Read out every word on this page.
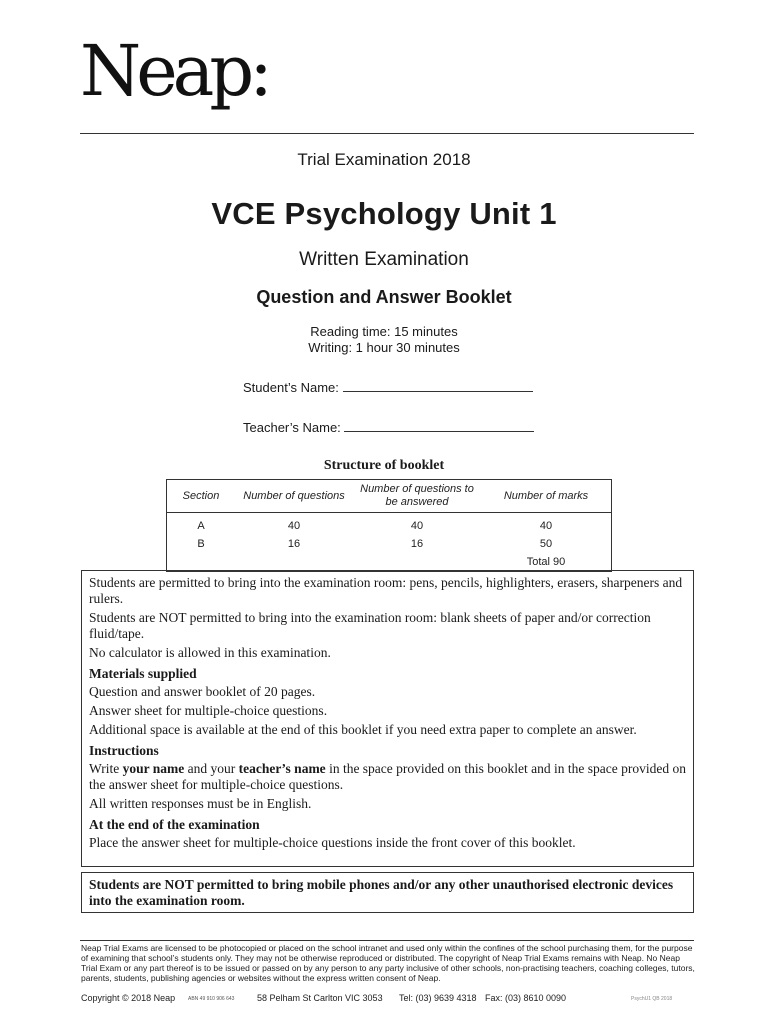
Neap:
Trial Examination 2018
VCE Psychology Unit 1
Written Examination
Question and Answer Booklet
Reading time: 15 minutes
Writing: 1 hour 30 minutes
Student’s Name:
Teacher’s Name:
Structure of booklet
Section	Number of questions	Number of questions to be answered	Number of marks
A	40	40	40
B	16	16	50
			Total 90

Students are permitted to bring into the examination room: pens, pencils, highlighters, erasers, sharpeners and rulers.

Students are NOT permitted to bring into the examination room: blank sheets of paper and/or correction fluid/tape.

No calculator is allowed in this examination.

Materials supplied

Question and answer booklet of 20 pages.

Answer sheet for multiple-choice questions.

Additional space is available at the end of this booklet if you need extra paper to complete an answer.

Instructions

Write your name and your teacher’s name in the space provided on this booklet and in the space provided on the answer sheet for multiple-choice questions.

All written responses must be in English.

At the end of the examination

Place the answer sheet for multiple-choice questions inside the front cover of this booklet.

Students are NOT permitted to bring mobile phones and/or any other unauthorised electronic devices into the examination room.
Neap Trial Exams are licensed to be photocopied or placed on the school intranet and used only within the confines of the school purchasing them, for the purpose of examining that school’s students only. They may not be otherwise reproduced or distributed. The copyright of Neap Trial Exams remains with Neap. No Neap Trial Exam or any part thereof is to be issued or passed on by any person to any party inclusive of other schools, non-practising teachers, coaching colleges, tutors, parents, students, publishing agencies or websites without the express written consent of Neap.
Copyright © 2018 Neap	ABN 49 910 906 643	58 Pelham St Carlton VIC 3053 Tel: (03) 9639 4318 Fax: (03) 8610 0090	PsychU1 QB 2018
